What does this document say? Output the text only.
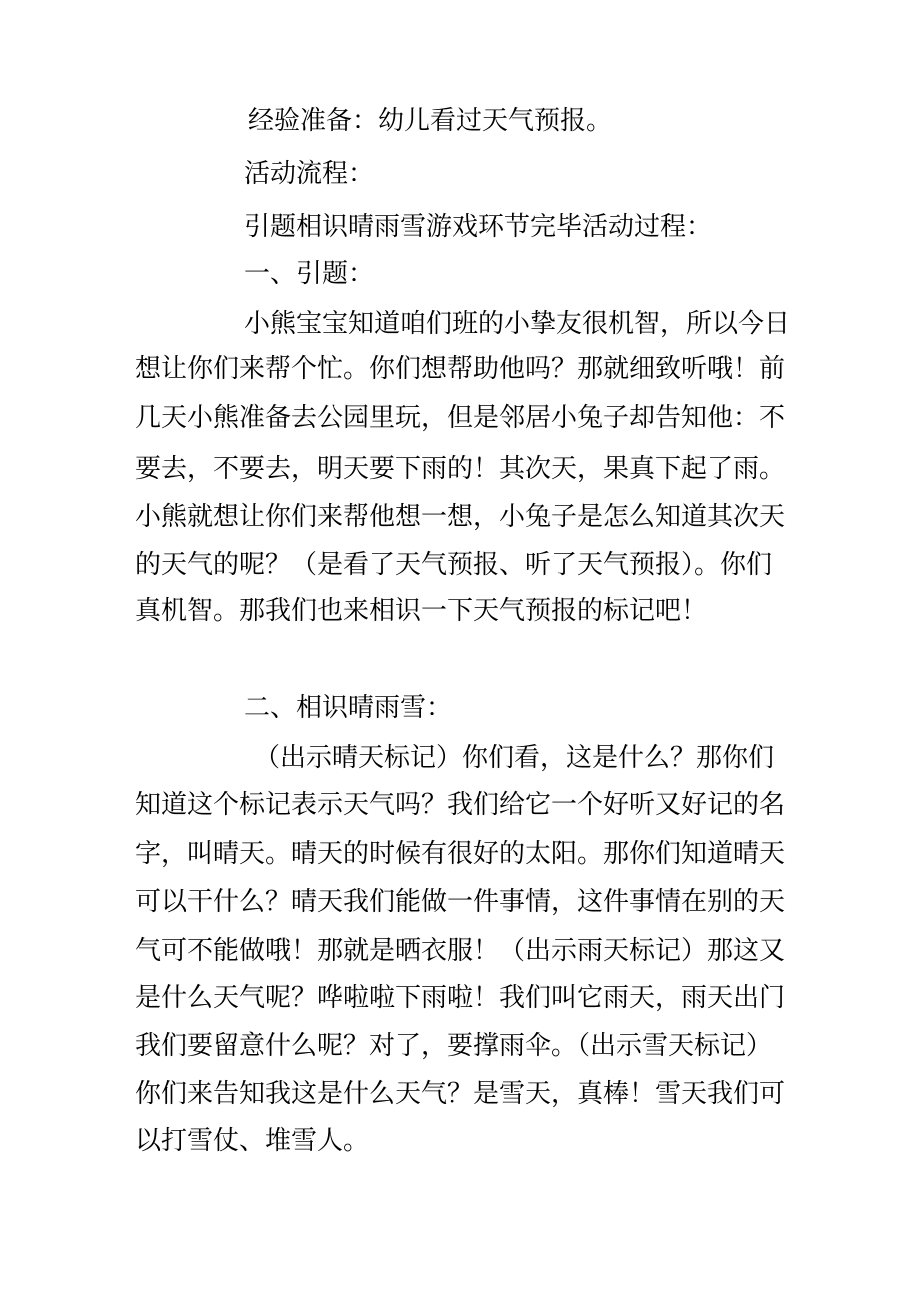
经验准备：幼儿看过天气预报。

活动流程：

引题相识晴雨雪游戏环节完毕活动过程：

一、引题：

小熊宝宝知道咱们班的小挚友很机智，所以今日

想让你们来帮个忙。你们想帮助他吗？那就细致听哦！前

几天小熊准备去公园里玩，但是邻居小兔子却告知他：不

要去，不要去，明天要下雨的！其次天，果真下起了雨。

小熊就想让你们来帮他想一想，小兔子是怎么知道其次天

的天气的呢？（是看了天气预报、听了天气预报）。你们

真机智。那我们也来相识一下天气预报的标记吧！

二、相识晴雨雪：

（出示晴天标记）你们看，这是什么？那你们

知道这个标记表示天气吗？我们给它一个好听又好记的名

字，叫晴天。晴天的时候有很好的太阳。那你们知道晴天

可以干什么？晴天我们能做一件事情，这件事情在别的天

气可不能做哦！那就是晒衣服！（出示雨天标记）那这又

是什么天气呢？哗啦啦下雨啦！我们叫它雨天，雨天出门

我们要留意什么呢？对了，要撑雨伞。（出示雪天标记）

你们来告知我这是什么天气？是雪天，真棒！雪天我们可

以打雪仗、堆雪人。
